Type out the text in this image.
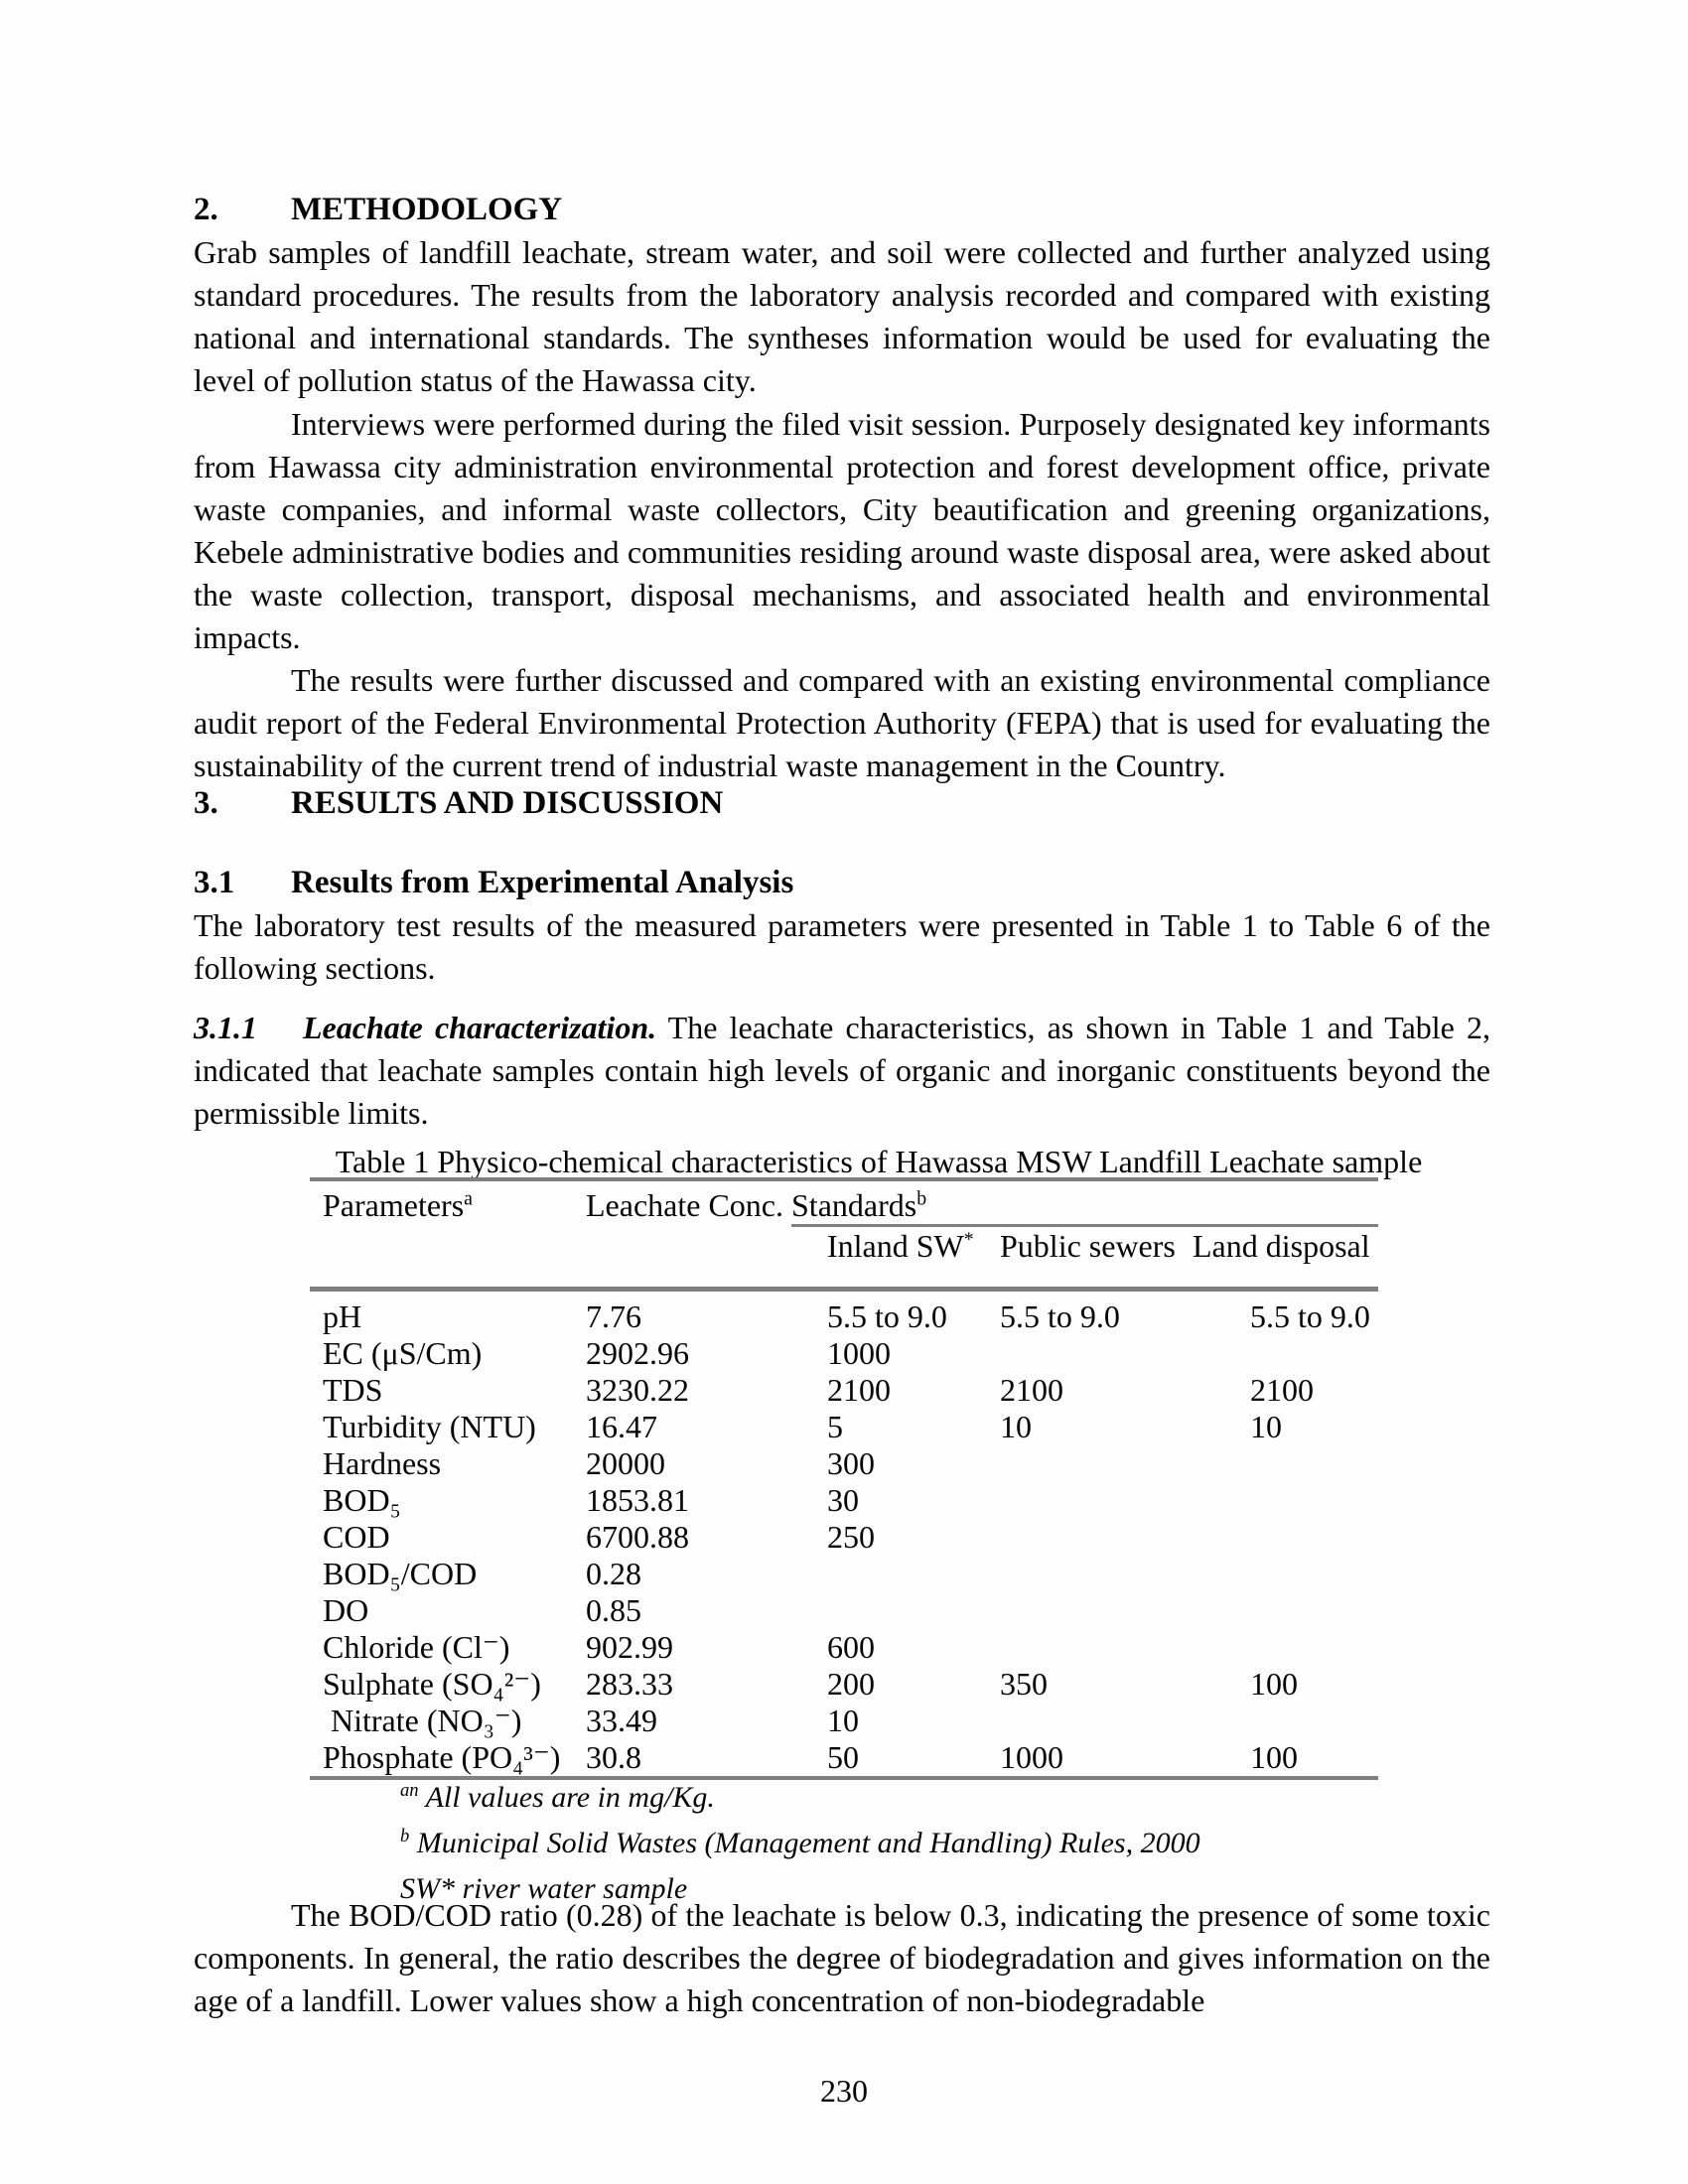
2. METHODOLOGY

Grab samples of landfill leachate, stream water, and soil were collected and further analyzed using standard procedures. The results from the laboratory analysis recorded and compared with existing national and international standards. The syntheses information would be used for evaluating the level of pollution status of the Hawassa city.

Interviews were performed during the filed visit session. Purposely designated key informants from Hawassa city administration environmental protection and forest development office, private waste companies, and informal waste collectors, City beautification and greening organizations, Kebele administrative bodies and communities residing around waste disposal area, were asked about the waste collection, transport, disposal mechanisms, and associated health and environmental impacts.

The results were further discussed and compared with an existing environmental compliance audit report of the Federal Environmental Protection Authority (FEPA) that is used for evaluating the sustainability of the current trend of industrial waste management in the Country.

3. RESULTS AND DISCUSSION
3.1 Results from Experimental Analysis

The laboratory test results of the measured parameters were presented in Table 1 to Table 6 of the following sections.

3.1.1 Leachate characterization. The leachate characteristics, as shown in Table 1 and Table 2, indicated that leachate samples contain high levels of organic and inorganic constituents beyond the permissible limits.

Table 1 Physico-chemical characteristics of Hawassa MSW Landfill Leachate sample
Parameters$^a$	Leachate Conc.	Standards$^b$
		Inland SW*	Public sewers	Land disposal
pH	7.76	5.5 to 9.0	5.5 to 9.0	5.5 to 9.0
EC (μS/Cm)	2902.96	1000		
TDS	3230.22	2100	2100	2100
Turbidity (NTU)	16.47	5	10	10
Hardness	20000	300		
BOD₅	1853.81	30		
COD	6700.88	250		
BOD₅/COD	0.28			
DO	0.85			
Chloride (Cl⁻)	902.99	600		
Sulphate (SO₄²⁻)	283.33	200	350	100
Nitrate (NO₃⁻)	33.49	10		
Phosphate (PO₄³⁻)	30.8	50	1000	100
$^{an}$ All values are in mg/Kg.
$^b$ Municipal Solid Wastes (Management and Handling) Rules, 2000
SW* river water sample

The BOD/COD ratio (0.28) of the leachate is below 0.3, indicating the presence of some toxic components. In general, the ratio describes the degree of biodegradation and gives information on the age of a landfill. Lower values show a high concentration of non-biodegradable

230
